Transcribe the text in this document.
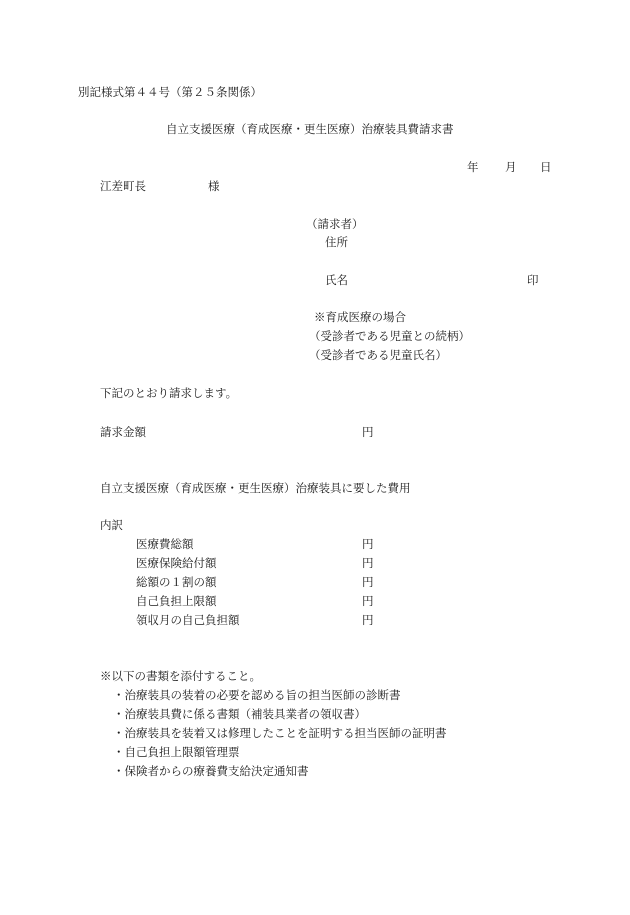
別記様式第４４号（第２５条関係）
自立支援医療（育成医療・更生医療）治療装具費請求書
年 月 日
江差町長	様
（請求者）
住所
氏名	印
※育成医療の場合
（受診者である児童との続柄）
（受診者である児童氏名）
下記のとおり請求します。
請求金額	円
自立支援医療（育成医療・更生医療）治療装具に要した費用
内訳
医療費総額	円
医療保険給付額	円
総額の１割の額	円
自己負担上限額	円
領収月の自己負担額	円
※以下の書類を添付すること。
・治療装具の装着の必要を認める旨の担当医師の診断書
・治療装具費に係る書類（補装具業者の領収書）
・治療装具を装着又は修理したことを証明する担当医師の証明書
・自己負担上限額管理票
・保険者からの療養費支給決定通知書
